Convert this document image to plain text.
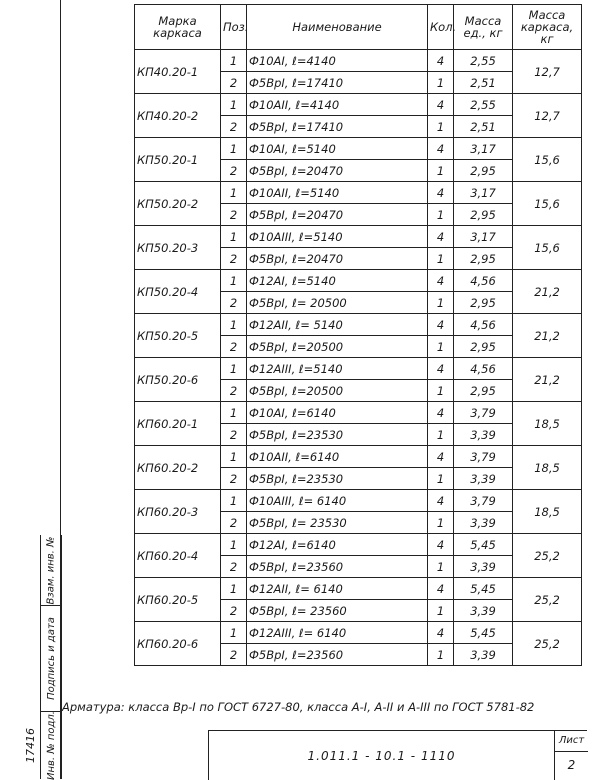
Взам. инв. №
Подпись и дата
Инв. № подл.
17416
Марка каркаса	Поз.	Наименование	Кол.	Масса ед., кг	Масса каркаса, кг
КП40.20-1	1	Ф10АI, ℓ=4140	4	2,55	12,7
	2	Ф5ВрI, ℓ=17410	1	2,51	
КП40.20-2	1	Ф10АII, ℓ=4140	4	2,55	12,7
	2	Ф5ВрI, ℓ=17410	1	2,51	
КП50.20-1	1	Ф10АI, ℓ=5140	4	3,17	15,6
	2	Ф5ВрI, ℓ=20470	1	2,95	
КП50.20-2	1	Ф10АII, ℓ=5140	4	3,17	15,6
	2	Ф5ВрI, ℓ=20470	1	2,95	
КП50.20-3	1	Ф10АIII, ℓ=5140	4	3,17	15,6
	2	Ф5ВрI, ℓ=20470	1	2,95	
КП50.20-4	1	Ф12АI, ℓ=5140	4	4,56	21,2
	2	Ф5ВрI, ℓ= 20500	1	2,95	
КП50.20-5	1	Ф12АII, ℓ= 5140	4	4,56	21,2
	2	Ф5ВрI, ℓ=20500	1	2,95	
КП50.20-6	1	Ф12АIII, ℓ=5140	4	4,56	21,2
	2	Ф5ВрI, ℓ=20500	1	2,95	
КП60.20-1	1	Ф10АI, ℓ=6140	4	3,79	18,5
	2	Ф5ВрI, ℓ=23530	1	3,39	
КП60.20-2	1	Ф10АII, ℓ=6140	4	3,79	18,5
	2	Ф5ВрI, ℓ=23530	1	3,39	
КП60.20-3	1	Ф10АIII, ℓ= 6140	4	3,79	18,5
	2	Ф5ВрI, ℓ= 23530	1	3,39	
КП60.20-4	1	Ф12АI, ℓ=6140	4	5,45	25,2
	2	Ф5ВрI, ℓ=23560	1	3,39	
КП60.20-5	1	Ф12АII, ℓ= 6140	4	5,45	25,2
	2	Ф5ВрI, ℓ= 23560	1	3,39	
КП60.20-6	1	Ф12АIII, ℓ= 6140	4	5,45	25,2
	2	Ф5ВрI, ℓ=23560	1	3,39	
Арматура: класса Вр-I по ГОСТ 6727-80, класса А-I, А-II и А-III по ГОСТ 5781-82
1.011.1 - 10.1 - 1110
Лист
2
